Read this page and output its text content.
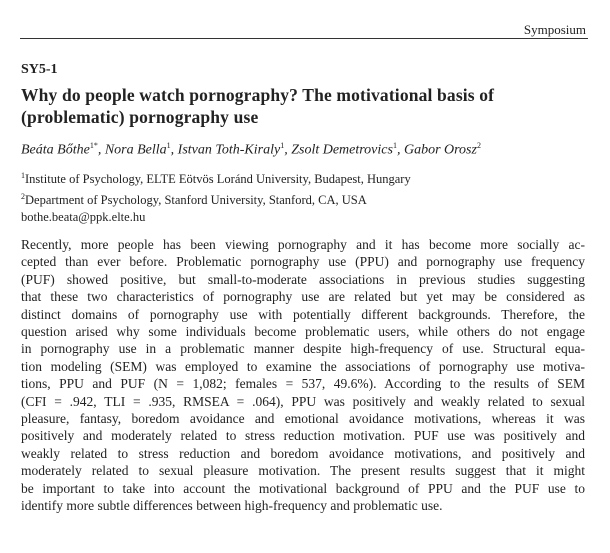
Symposium
SY5-1
Why do people watch pornography? The motivational basis of
(problematic) pornography use
Beáta Bőthe$^{1*}$, Nora Bella$^1$, Istvan Toth-Kiraly$^1$, Zsolt Demetrovics$^1$, Gabor Orosz$^2$
$^1$Institute of Psychology, ELTE Eötvös Loránd University, Budapest, Hungary
$^2$Department of Psychology, Stanford University, Stanford, CA, USA
bothe.beata@ppk.elte.hu
Recently, more people has been viewing pornography and it has become more socially ac-
cepted than ever before. Problematic pornography use (PPU) and pornography use frequency
(PUF) showed positive, but small-to-moderate associations in previous studies suggesting
that these two characteristics of pornography use are related but yet may be considered as
distinct domains of pornography use with potentially different backgrounds. Therefore, the
question arised why some individuals become problematic users, while others do not engage
in pornography use in a problematic manner despite high-frequency of use. Structural equa-
tion modeling (SEM) was employed to examine the associations of pornography use motiva-
tions, PPU and PUF (N = 1,082; females = 537, 49.6%). According to the results of SEM
(CFI = .942, TLI = .935, RMSEA = .064), PPU was positively and weakly related to sexual
pleasure, fantasy, boredom avoidance and emotional avoidance motivations, whereas it was
positively and moderately related to stress reduction motivation. PUF use was positively and
weakly related to stress reduction and boredom avoidance motivations, and positively and
moderately related to sexual pleasure motivation. The present results suggest that it might
be important to take into account the motivational background of PPU and the PUF use to
identify more subtle differences between high-frequency and problematic use.
